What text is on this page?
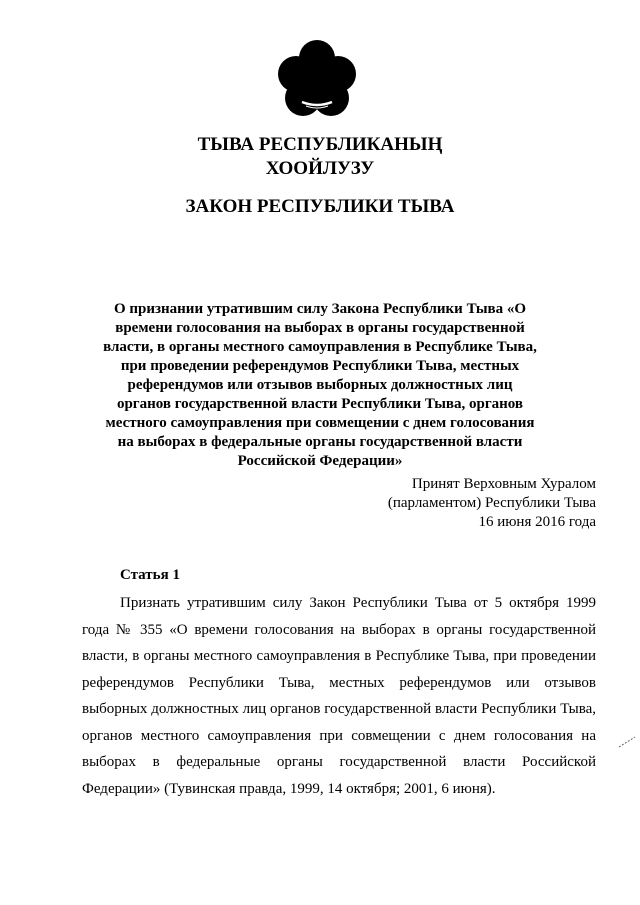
ТЫВА РЕСПУБЛИКАНЫҢ
ХООЙЛУЗУ
ЗАКОН РЕСПУБЛИКИ ТЫВА
О признании утратившим силу Закона Республики Тыва «О времени голосования на выборах в органы государственной власти, в органы местного самоуправления в Республике Тыва, при проведении референдумов Республики Тыва, местных референдумов или отзывов выборных должностных лиц органов государственной власти Республики Тыва, органов местного самоуправления при совмещении с днем голосования на выборах в федеральные органы государственной власти Российской Федерации»
Принят Верховным Хуралом
(парламентом) Республики Тыва
16 июня 2016 года
Статья 1

Признать утратившим силу Закон Республики Тыва от 5 октября 1999 года № 355 «О времени голосования на выборах в органы государственной власти, в органы местного самоуправления в Республике Тыва, при проведении референдумов Республики Тыва, местных референдумов или отзывов выборных должностных лиц органов государственной власти Республики Тыва, органов местного самоуправления при совмещении с днем голосования на выборах в федеральные органы государственной власти Российской Федерации» (Тувинская правда, 1999, 14 октября; 2001, 6 июня).
